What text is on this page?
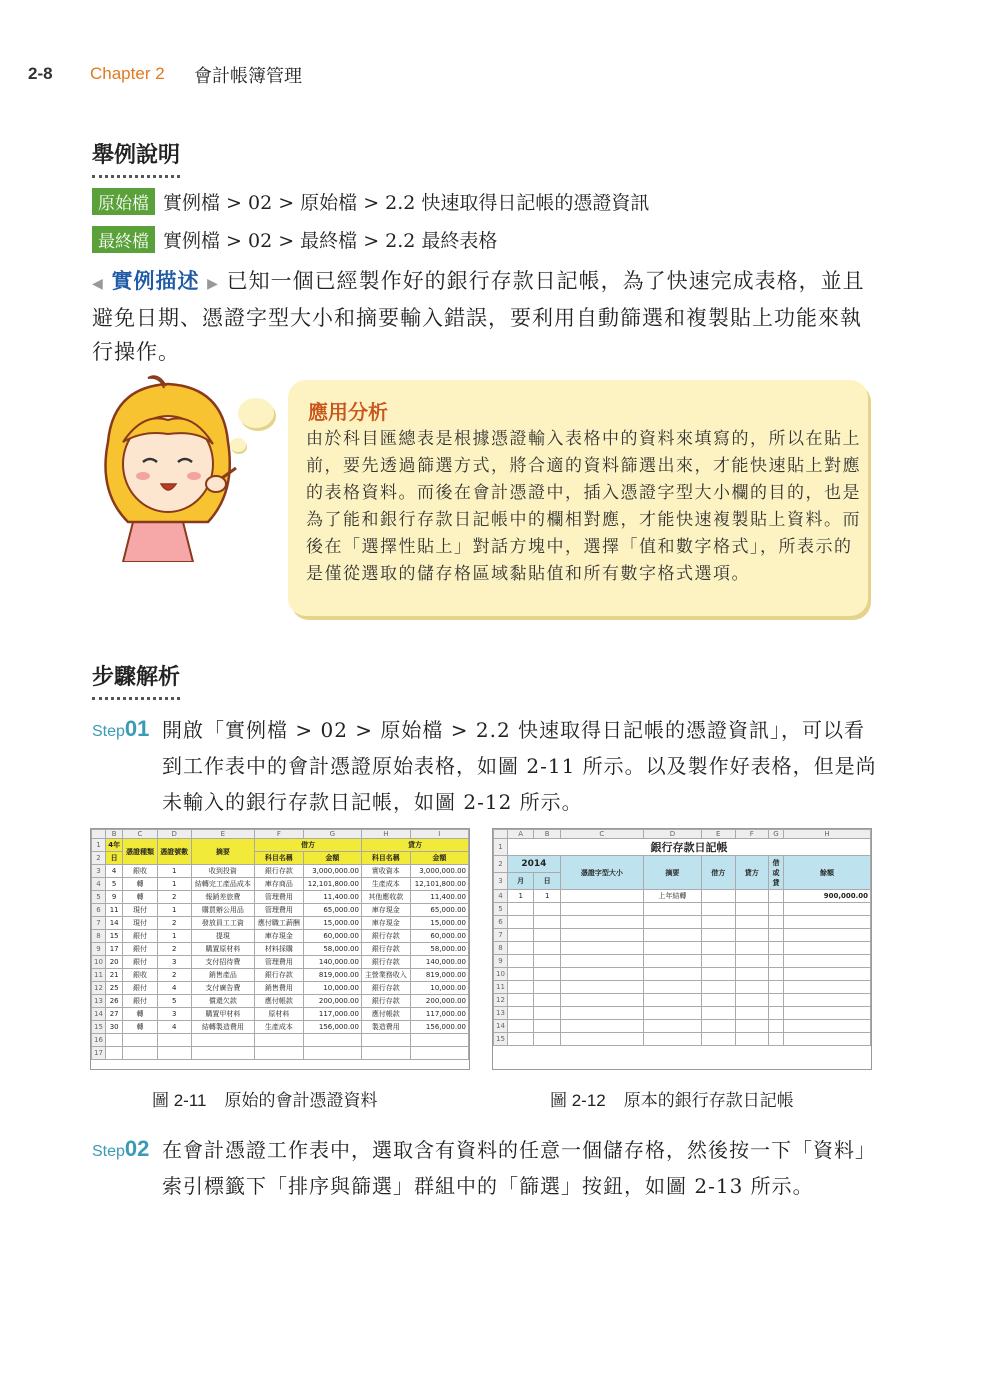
2-8 Chapter 2 會計帳簿管理
舉例說明
原始檔 實例檔 > 02 > 原始檔 > 2.2 快速取得日記帳的憑證資訊
最終檔 實例檔 > 02 > 最終檔 > 2.2 最終表格
◀ 實例描述 ▶ 已知一個已經製作好的銀行存款日記帳，為了快速完成表格，並且避免日期、憑證字型大小和摘要輸入錯誤，要利用自動篩選和複製貼上功能來執行操作。
應用分析
由於科目匯總表是根據憑證輸入表格中的資料來填寫的，所以在貼上前，要先透過篩選方式，將合適的資料篩選出來，才能快速貼上對應的表格資料。而後在會計憑證中，插入憑證字型大小欄的目的，也是為了能和銀行存款日記帳中的欄相對應，才能快速複製貼上資料。而後在「選擇性貼上」對話方塊中，選擇「值和數字格式」，所表示的是僅從選取的儲存格區域黏貼值和所有數字格式選項。
步驟解析
Step01 開啟「實例檔 > 02 > 原始檔 > 2.2 快速取得日記帳的憑證資訊」，可以看到工作表中的會計憑證原始表格，如圖 2-11 所示。以及製作好表格，但是尚未輸入的銀行存款日記帳，如圖 2-12 所示。
	B	C	D	E	F	G	H	I
1	4年	憑證種類	憑證號數	摘要	借方		貸方	
2	日				科目名稱	金額	科目名稱	金額
3	4	銀收	1	收到投資	銀行存款	3,000,000.00	實收資本	3,000,000.00
4	5	轉	1	結轉完工產品成本	庫存商品	12,101,800.00	生產成本	12,101,800.00
5	9	轉	2	報銷差旅費	管理費用	11,400.00	其他應收款	11,400.00
6	11	現付	1	購買辦公用品	管理費用	65,000.00	庫存現金	65,000.00
7	14	現付	2	發放員工工資	應付職工薪酬	15,000.00	庫存現金	15,000.00
8	15	銀付	1	提現	庫存現金	60,000.00	銀行存款	60,000.00
9	17	銀付	2	購置原材料	材料採購	58,000.00	銀行存款	58,000.00
10	20	銀付	3	支付招待費	管理費用	140,000.00	銀行存款	140,000.00
11	21	銀收	2	銷售產品	銀行存款	819,000.00	主營業務收入	819,000.00
12	25	銀付	4	支付廣告費	銷售費用	10,000.00	銀行存款	10,000.00
13	26	銀付	5	償還欠款	應付帳款	200,000.00	銀行存款	200,000.00
14	27	轉	3	購置甲材料	原材料	117,000.00	應付帳款	117,000.00
15	30	轉	4	結轉製造費用	生產成本	156,000.00	製造費用	156,000.00
16								
17								
	A	B	C	D	E	F	G	H
1	銀行存款日記帳							
2	2014		憑證字型大小	摘要	借方	貸方	借或貸	餘額
3	月	日						
4	1	1		上年結轉				900,000.00
5								
6								
7								
8								
9								
10								
11								
12								
13								
14								
15								
圖 2-11 原始的會計憑證資料	圖 2-12 原本的銀行存款日記帳
Step02 在會計憑證工作表中，選取含有資料的任意一個儲存格，然後按一下「資料」索引標籤下「排序與篩選」群組中的「篩選」按鈕，如圖 2-13 所示。
